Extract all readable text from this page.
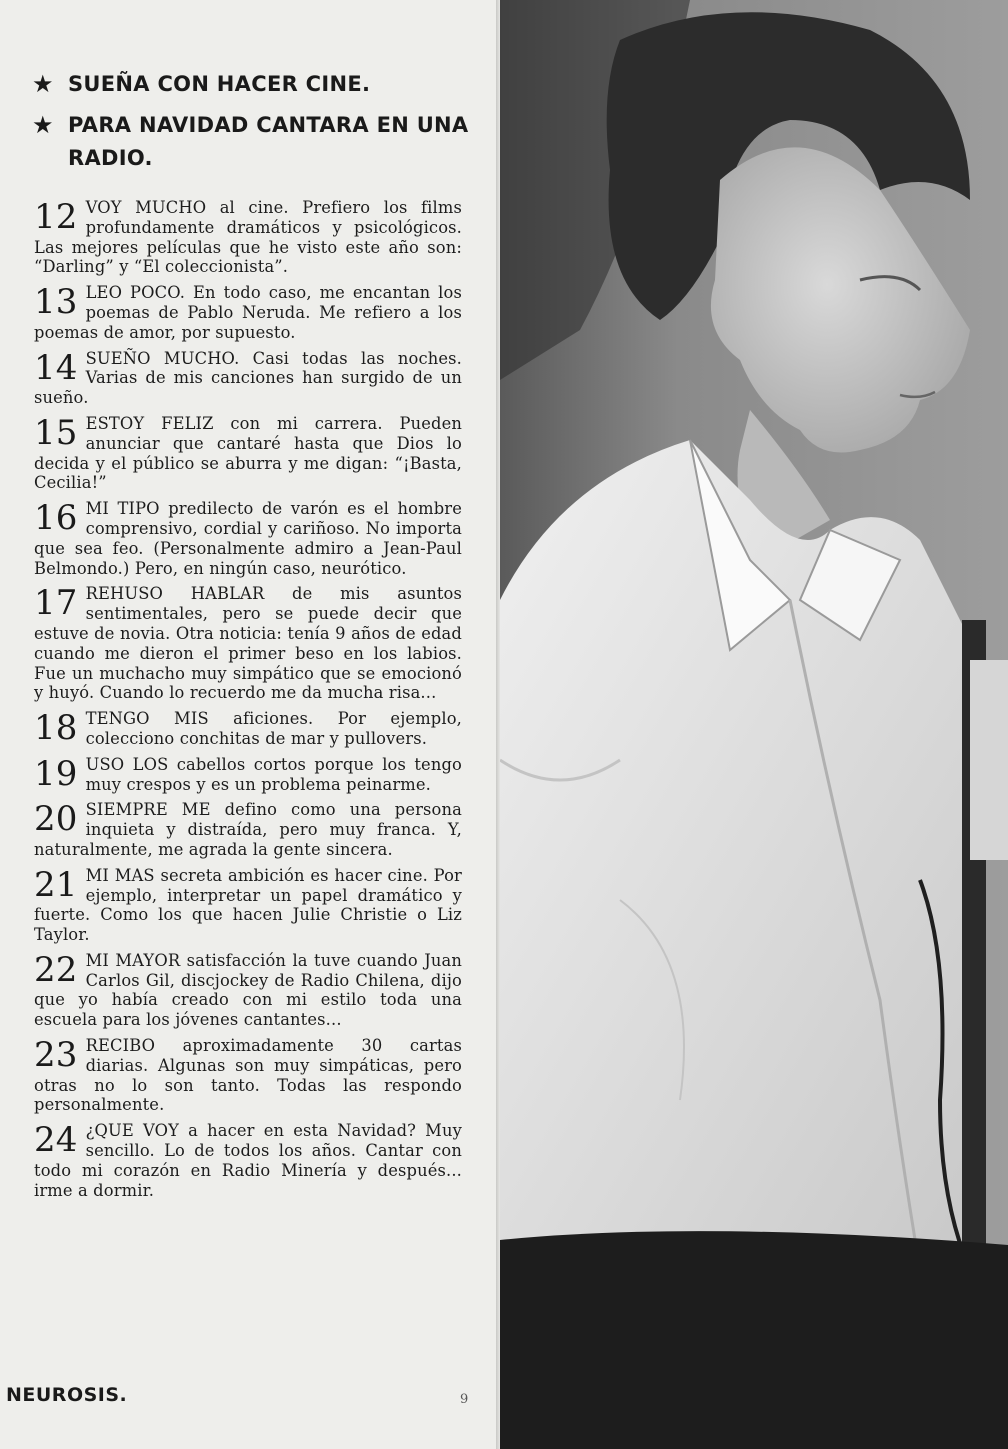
★ SUEÑA CON HACER CINE.
★ PARA NAVIDAD CANTARA EN UNA RADIO.
12 VOY MUCHO al cine. Prefiero los films profundamente dramáticos y psicológicos. Las mejores películas que he visto este año son: “Darling” y “El coleccionista”.
13 LEO POCO. En todo caso, me encantan los poemas de Pablo Neruda. Me refiero a los poemas de amor, por supuesto.
14 SUEÑO MUCHO. Casi todas las noches. Varias de mis canciones han surgido de un sueño.
15 ESTOY FELIZ con mi carrera. Pueden anunciar que cantaré hasta que Dios lo decida y el público se aburra y me digan: “¡Basta, Cecilia!”
16 MI TIPO predilecto de varón es el hombre comprensivo, cordial y cariñoso. No importa que sea feo. (Personalmente admiro a Jean-Paul Belmondo.) Pero, en ningún caso, neurótico.
17 REHUSO HABLAR de mis asuntos sentimentales, pero se puede decir que estuve de novia. Otra noticia: tenía 9 años de edad cuando me dieron el primer beso en los labios. Fue un muchacho muy simpático que se emocionó y huyó. Cuando lo recuerdo me da mucha risa...
18 TENGO MIS aficiones. Por ejemplo, colecciono conchitas de mar y pullovers.
19 USO LOS cabellos cortos porque los tengo muy crespos y es un problema peinarme.
20 SIEMPRE ME defino como una persona inquieta y distraída, pero muy franca. Y, naturalmente, me agrada la gente sincera.
21 MI MAS secreta ambición es hacer cine. Por ejemplo, interpretar un papel dramático y fuerte. Como los que hacen Julie Christie o Liz Taylor.
22 MI MAYOR satisfacción la tuve cuando Juan Carlos Gil, discjockey de Radio Chilena, dijo que yo había creado con mi estilo toda una escuela para los jóvenes cantantes...
23 RECIBO aproximadamente 30 cartas diarias. Algunas son muy simpáticas, pero otras no lo son tanto. Todas las respondo personalmente.
24 ¿QUE VOY a hacer en esta Navidad? Muy sencillo. Lo de todos los años. Cantar con todo mi corazón en Radio Minería y después... irme a dormir.
NEUROSIS.	9
